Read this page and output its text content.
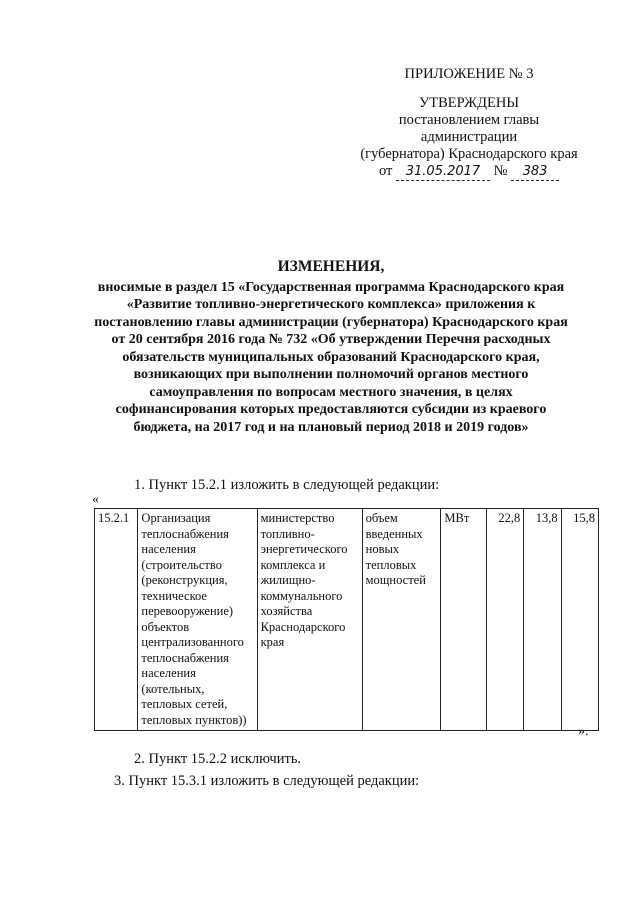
ПРИЛОЖЕНИЕ № 3
УТВЕРЖДЕНЫ
постановлением главы
администрации
(губернатора) Краснодарского края
от 31.05.2017 № 383
ИЗМЕНЕНИЯ,
вносимые в раздел 15 «Государственная программа Краснодарского края «Развитие топливно-энергетического комплекса» приложения к постановлению главы администрации (губернатора) Краснодарского края от 20 сентября 2016 года № 732 «Об утверждении Перечня расходных обязательств муниципальных образований Краснодарского края, возникающих при выполнении полномочий органов местного самоуправления по вопросам местного значения, в целях софинансирования которых предоставляются субсидии из краевого бюджета, на 2017 год и на плановый период 2018 и 2019 годов»
1. Пункт 15.2.1 изложить в следующей редакции:
«
15.2.1	Организация теплоснабжения населения (строительство (реконструкция, техническое перевооружение) объектов централизованного теплоснабжения населения (котельных, тепловых сетей, тепловых пунктов))	министерство топливно-энергетического комплекса и жилищно-коммунального хозяйства Краснодарского края	объем введенных новых тепловых мощностей	МВт	22,8	13,8	15,8
».
2. Пункт 15.2.2 исключить.
3. Пункт 15.3.1 изложить в следующей редакции:
